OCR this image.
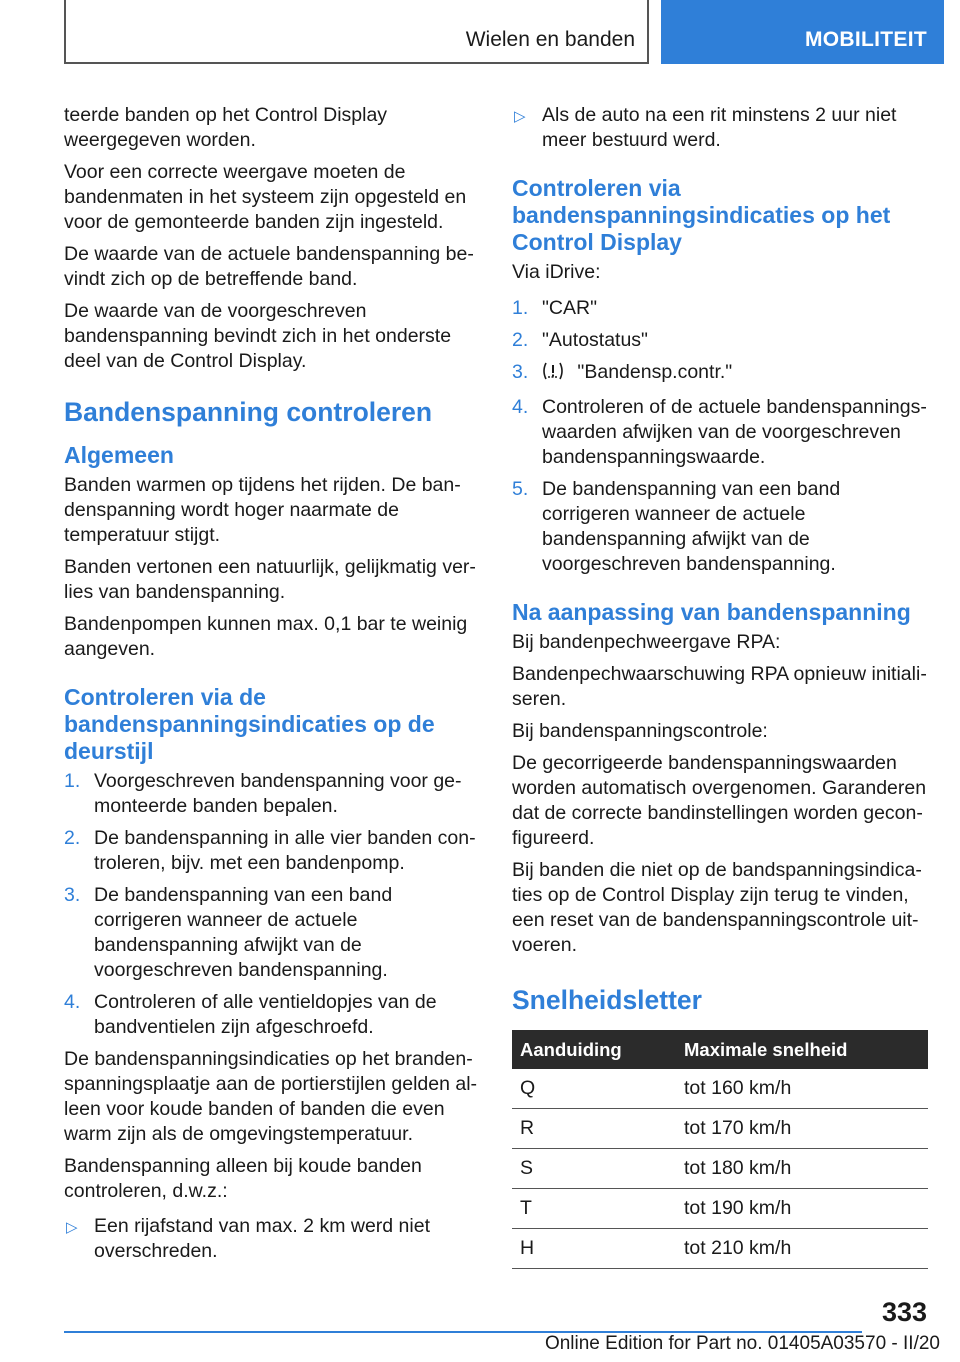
Wielen en banden	MOBILITEIT

teerde banden op het Control Display weergegeven worden.

Voor een correcte weergave moeten de bandenmaten in het systeem zijn opgesteld en voor de gemonteerde banden zijn ingesteld.

De waarde van de actuele bandenspanning bevindt zich op de betreffende band.

De waarde van de voorgeschreven bandenspanning bevindt zich in het onderste deel van de Control Display.

Bandenspanning controleren
Algemeen

Banden warmen op tijdens het rijden. De bandenspanning wordt hoger naarmate de temperatuur stijgt.

Banden vertonen een natuurlijk, gelijkmatig verlies van bandenspanning.

Bandenpompen kunnen max. 0,1 bar te weinig aangeven.

Controleren via de bandenspanningsindicaties op de deurstijl
1. Voorgeschreven bandenspanning voor gemonteerde banden bepalen.
2. De bandenspanning in alle vier banden controleren, bijv. met een bandenpomp.
3. De bandenspanning van een band corrigeren wanneer de actuele bandenspanning afwijkt van de voorgeschreven bandenspanning.
4. Controleren of alle ventieldopjes van de bandventielen zijn afgeschroefd.

De bandenspanningsindicaties op het brandenspanningsplaatje aan de portierstijlen gelden alleen voor koude banden of banden die even warm zijn als de omgevingstemperatuur.

Bandenspanning alleen bij koude banden controleren, d.w.z.:

▷ Een rijafstand van max. 2 km werd niet overschreden.
▷ Als de auto na een rit minstens 2 uur niet meer bestuurd werd.
Controleren via bandenspanningsindicaties op het Control Display

Via iDrive:

1. "CAR"
2. "Autostatus"
3.	"Bandensp.contr."
4. Controleren of de actuele bandenspanningswaarden afwijken van de voorgeschreven bandenspanningswaarde.
5. De bandenspanning van een band corrigeren wanneer de actuele bandenspanning afwijkt van de voorgeschreven bandenspanning.
Na aanpassing van bandenspanning

Bij bandenpechweergave RPA:

Bandenpechwaarschuwing RPA opnieuw initialiseren.

Bij bandenspanningscontrole:

De gecorrigeerde bandenspanningswaarden worden automatisch overgenomen. Garanderen dat de correcte bandinstellingen worden geconfigureerd.

Bij banden die niet op de bandspanningsindicaties op de Control Display zijn terug te vinden, een reset van de bandenspanningscontrole uitvoeren.

Snelheidsletter
Aanduiding	Maximale snelheid
Q	tot 160 km/h
R	tot 170 km/h
S	tot 180 km/h
T	tot 190 km/h
H	tot 210 km/h
333
Online Edition for Part no. 01405A03570 - II/20
